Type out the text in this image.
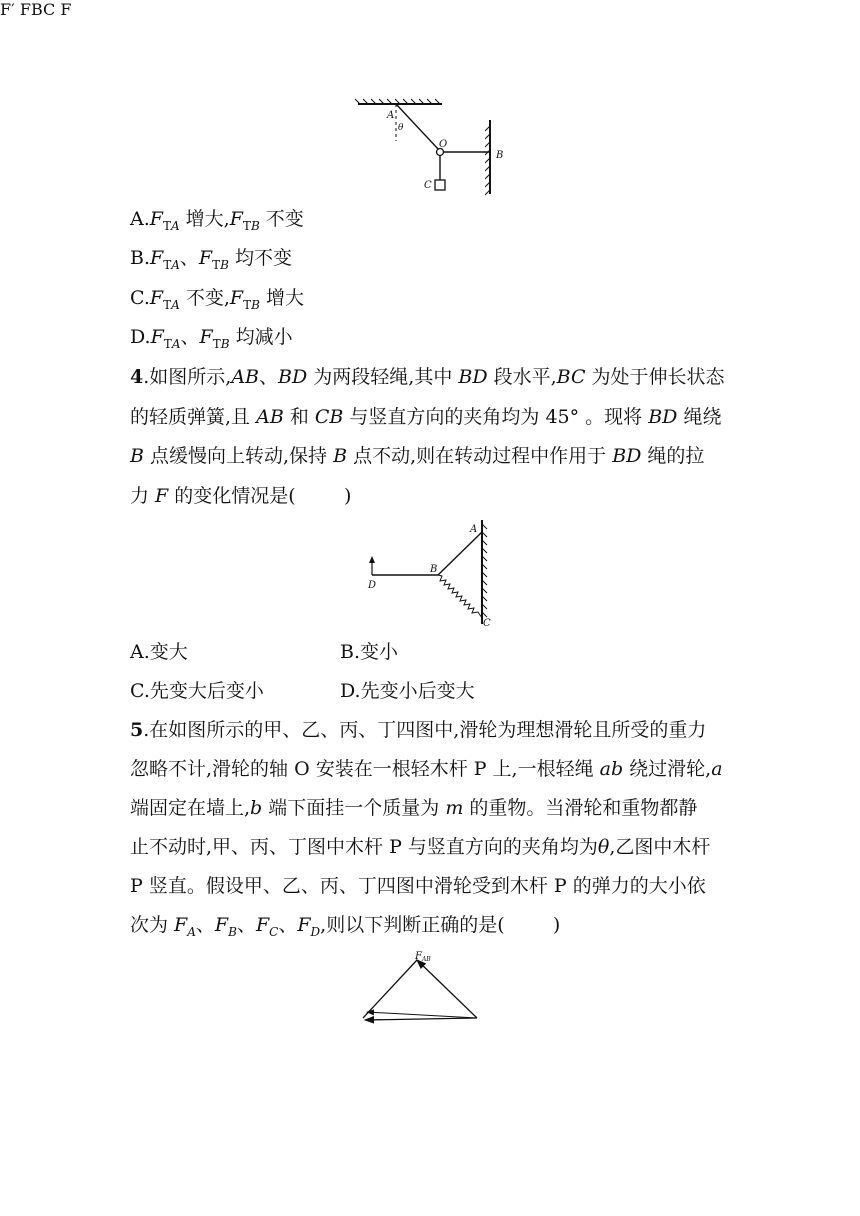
A
θ
O
C
B
$A.F_{TA}$ 增大$,F_{TB}$ 不变
$B.F_{TA}$、$F_{TB}$ 均不变
$C.F_{TA}$ 不变$,F_{TB}$ 增大
$D.F_{TA}$、$F_{TB}$ 均减小
4.如图所示,AB、BD 为两段轻绳,其中 BD 段水平,BC 为处于伸长状态
的轻质弹簧,且 AB 和 CB 与竖直方向的夹角均为 45° 。现将 BD 绳绕
B 点缓慢向上转动,保持 B 点不动,则在转动过程中作用于 BD 绳的拉
力 F 的变化情况是(        )
A
B
C
D
A.变大	B.变小
C.先变大后变小	D.先变小后变大
5.在如图所示的甲、乙、丙、丁四图中,滑轮为理想滑轮且所受的重力
忽略不计,滑轮的轴 O 安装在一根轻木杆 P 上,一根轻绳 ab 绕过滑轮,a
端固定在墙上,b 端下面挂一个质量为 m 的重物。当滑轮和重物都静
止不动时,甲、丙、丁图中木杆 P 与竖直方向的夹角均为θ,乙图中木杆
P 竖直。假设甲、乙、丙、丁四图中滑轮受到木杆 P 的弹力的大小依
次为 $F_A$、$F_B$、$F_C$、$F_D$,则以下判断正确的是(        )
$F_{AB}$
F′ FBC F
